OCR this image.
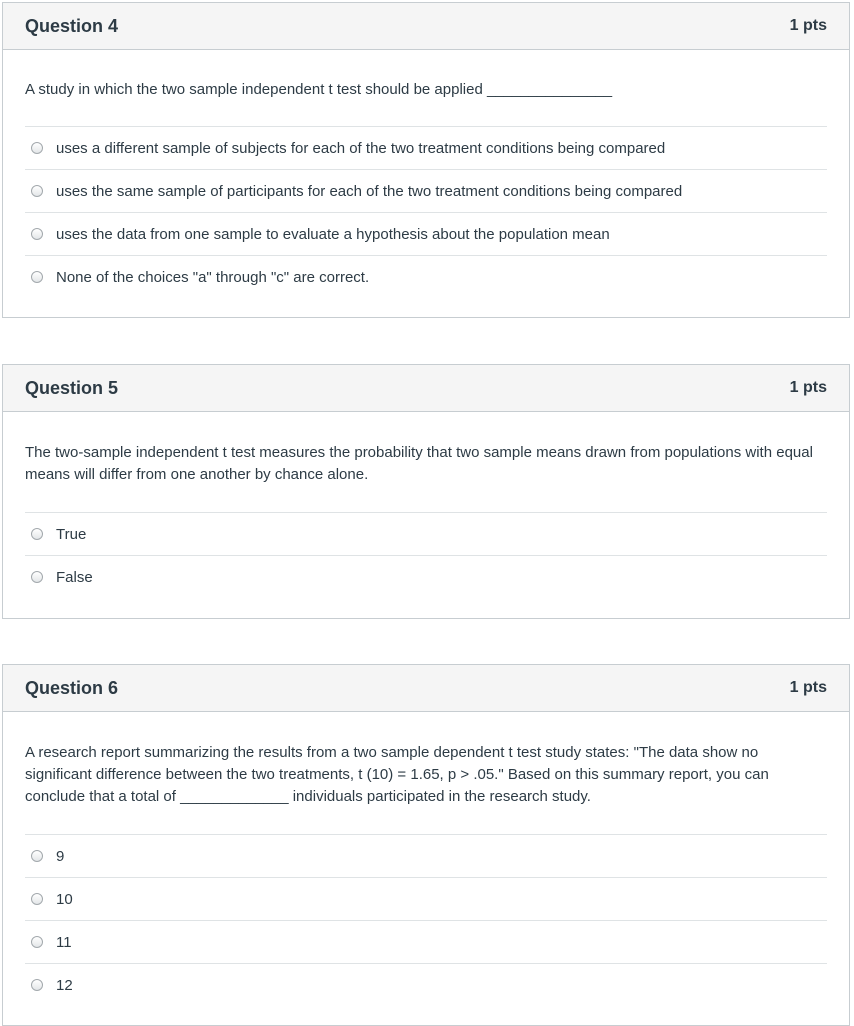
Question 4	1 pts

A study in which the two sample independent t test should be applied _______________

uses a different sample of subjects for each of the two treatment conditions being compared
uses the same sample of participants for each of the two treatment conditions being compared
uses the data from one sample to evaluate a hypothesis about the population mean
None of the choices "a" through "c" are correct.
Question 5	1 pts

The two-sample independent t test measures the probability that two sample means drawn from populations with equal means will differ from one another by chance alone.

True
False
Question 6	1 pts

A research report summarizing the results from a two sample dependent t test study states: "The data show no significant difference between the two treatments, t (10) = 1.65, p > .05." Based on this summary report, you can conclude that a total of _____________ individuals participated in the research study.

9
10
11
12
